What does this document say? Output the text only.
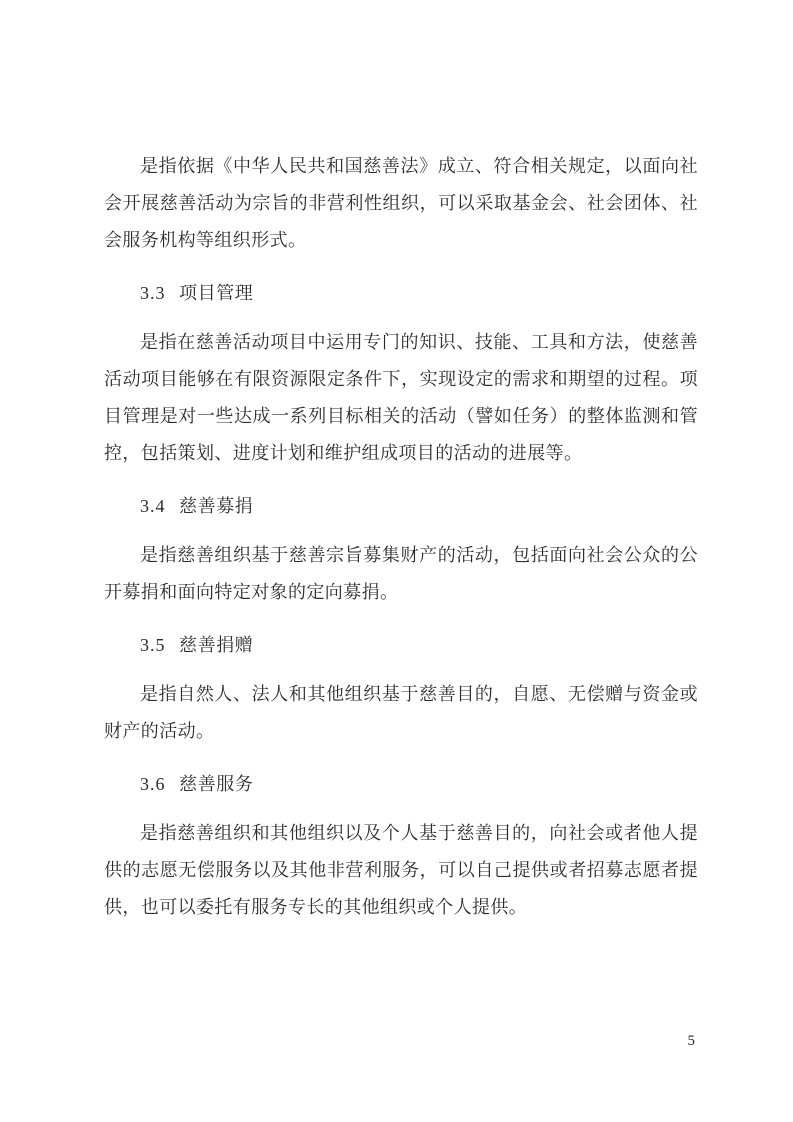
是指依据《中华人民共和国慈善法》成立、符合相关规定，以面向社会开展慈善活动为宗旨的非营利性组织，可以采取基金会、社会团体、社会服务机构等组织形式。

3.3 项目管理

是指在慈善活动项目中运用专门的知识、技能、工具和方法，使慈善活动项目能够在有限资源限定条件下，实现设定的需求和期望的过程。项目管理是对一些达成一系列目标相关的活动（譬如任务）的整体监测和管控，包括策划、进度计划和维护组成项目的活动的进展等。

3.4 慈善募捐

是指慈善组织基于慈善宗旨募集财产的活动，包括面向社会公众的公开募捐和面向特定对象的定向募捐。

3.5 慈善捐赠

是指自然人、法人和其他组织基于慈善目的，自愿、无偿赠与资金或财产的活动。

3.6 慈善服务

是指慈善组织和其他组织以及个人基于慈善目的，向社会或者他人提供的志愿无偿服务以及其他非营利服务，可以自己提供或者招募志愿者提供，也可以委托有服务专长的其他组织或个人提供。

5
